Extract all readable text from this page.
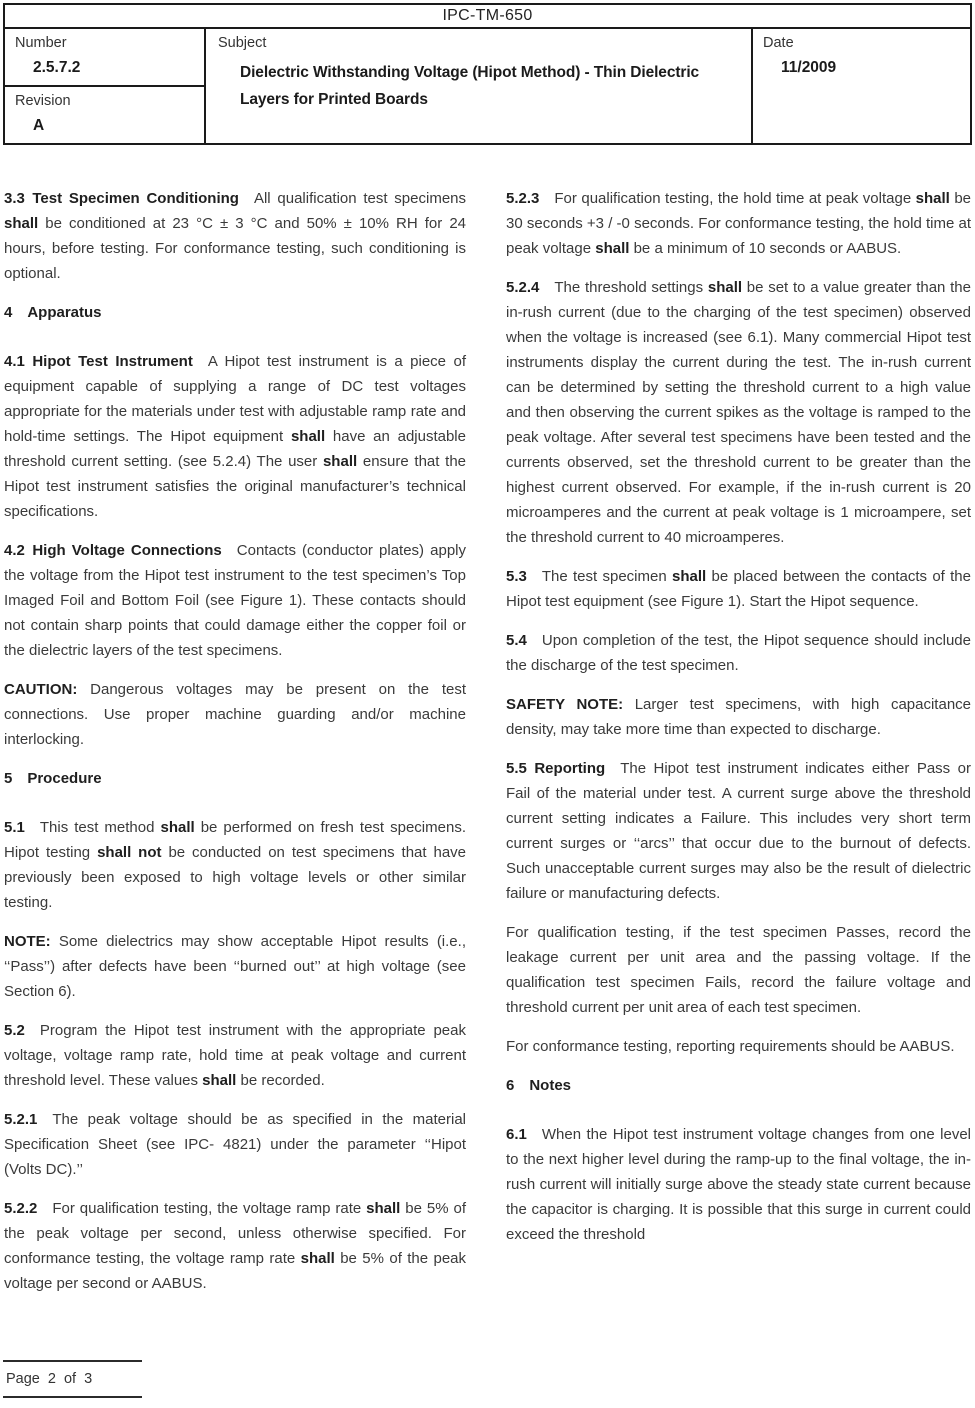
IPC-TM-650
Number
2.5.7.2
Revision
A
Subject
Dielectric Withstanding Voltage (Hipot Method) - Thin Dielectric Layers for Printed Boards
Date
11/2009

3.3 Test Specimen Conditioning  All qualification test specimens shall be conditioned at 23 °C ± 3 °C and 50% ± 10% RH for 24 hours, before testing. For conformance testing, such conditioning is optional.

4  Apparatus

4.1 Hipot Test Instrument  A Hipot test instrument is a piece of equipment capable of supplying a range of DC test voltages appropriate for the materials under test with adjustable ramp rate and hold-time settings. The Hipot equipment shall have an adjustable threshold current setting. (see 5.2.4) The user shall ensure that the Hipot test instrument satisfies the original manufacturer’s technical specifications.

4.2 High Voltage Connections  Contacts (conductor plates) apply the voltage from the Hipot test instrument to the test specimen’s Top Imaged Foil and Bottom Foil (see Figure 1). These contacts should not contain sharp points that could damage either the copper foil or the dielectric layers of the test specimens.

CAUTION: Dangerous voltages may be present on the test connections. Use proper machine guarding and/or machine interlocking.

5  Procedure

5.1  This test method shall be performed on fresh test specimens. Hipot testing shall not be conducted on test specimens that have previously been exposed to high voltage levels or other similar testing.

NOTE: Some dielectrics may show acceptable Hipot results (i.e., ‘‘Pass’’) after defects have been ‘‘burned out’’ at high voltage (see Section 6).

5.2  Program the Hipot test instrument with the appropriate peak voltage, voltage ramp rate, hold time at peak voltage and current threshold level. These values shall be recorded.

5.2.1  The peak voltage should be as specified in the material Specification Sheet (see IPC- 4821) under the parameter ‘‘Hipot (Volts DC).’’

5.2.2  For qualification testing, the voltage ramp rate shall be 5% of the peak voltage per second, unless otherwise specified. For conformance testing, the voltage ramp rate shall be 5% of the peak voltage per second or AABUS.

5.2.3  For qualification testing, the hold time at peak voltage shall be 30 seconds +3 / -0 seconds. For conformance testing, the hold time at peak voltage shall be a minimum of 10 seconds or AABUS.

5.2.4  The threshold settings shall be set to a value greater than the in-rush current (due to the charging of the test specimen) observed when the voltage is increased (see 6.1). Many commercial Hipot test instruments display the current during the test. The in-rush current can be determined by setting the threshold current to a high value and then observing the current spikes as the voltage is ramped to the peak voltage. After several test specimens have been tested and the currents observed, set the threshold current to be greater than the highest current observed. For example, if the in-rush current is 20 microamperes and the current at peak voltage is 1 microampere, set the threshold current to 40 microamperes.

5.3  The test specimen shall be placed between the contacts of the Hipot test equipment (see Figure 1). Start the Hipot sequence.

5.4  Upon completion of the test, the Hipot sequence should include the discharge of the test specimen.

SAFETY NOTE: Larger test specimens, with high capacitance density, may take more time than expected to discharge.

5.5 Reporting  The Hipot test instrument indicates either Pass or Fail of the material under test. A current surge above the threshold current setting indicates a Failure. This includes very short term current surges or ‘‘arcs’’ that occur due to the burnout of defects. Such unacceptable current surges may also be the result of dielectric failure or manufacturing defects.

For qualification testing, if the test specimen Passes, record the leakage current per unit area and the passing voltage. If the qualification test specimen Fails, record the failure voltage and threshold current per unit area of each test specimen.

For conformance testing, reporting requirements should be AABUS.

6  Notes

6.1  When the Hipot test instrument voltage changes from one level to the next higher level during the ramp-up to the final voltage, the in-rush current will initially surge above the steady state current because the capacitor is charging. It is possible that this surge in current could exceed the threshold

Page 2 of 3
